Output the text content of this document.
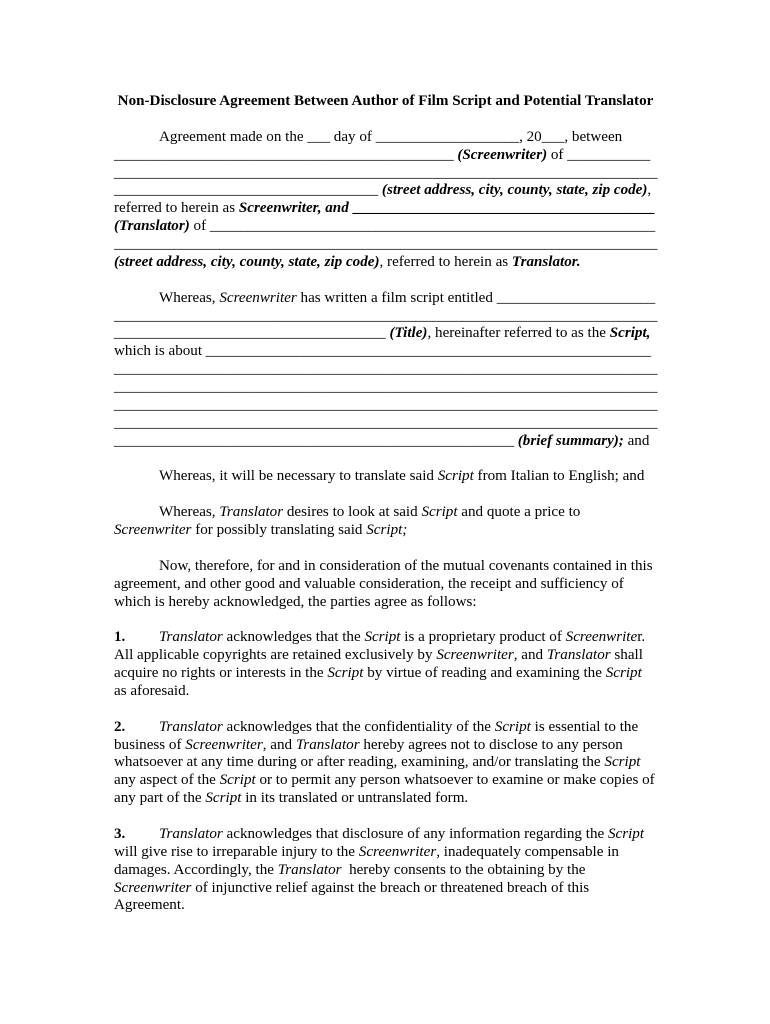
Non-Disclosure Agreement Between Author of Film Script and Potential Translator
Agreement made on the ___ day of ___________________, 20___, between
_____________________________________________ (Screenwriter) of ___________
________________________________________________________________________
___________________________________ (street address, city, county, state, zip code) ,
referred to herein as Screenwriter, and ________________________________________
(Translator) of ___________________________________________________________
________________________________________________________________________
(street address, city, county, state, zip code) , referred to herein as Translator.
Whereas, Screenwriter has written a film script entitled _____________________
________________________________________________________________________
____________________________________ (Title) , hereinafter referred to as the Script,
which is about ___________________________________________________________
________________________________________________________________________
________________________________________________________________________
________________________________________________________________________
________________________________________________________________________
_____________________________________________________ (brief summary); and
Whereas, it will be necessary to translate said Script from Italian to English; and
Whereas, Translator desires to look at said Script and quote a price to
Screenwriter for possibly translating said Script;
Now, therefore, for and in consideration of the mutual covenants contained in this
agreement, and other good and valuable consideration, the receipt and sufficiency of
which is hereby acknowledged, the parties agree as follows:
1.	Translator acknowledges that the Script is a proprietary product of Screenwrite r.
All applicable copyrights are retained exclusively by Screenwriter , and Translator shall
acquire no rights or interests in the Script by virtue of reading and examining the Script
as aforesaid.
2.	Translator acknowledges that the confidentiality of the Script is essential to the
business of Screenwriter , and Translator hereby agrees not to disclose to any person
whatsoever at any time during or after reading, examining, and/or translating the Script
any aspect of the Script or to permit any person whatsoever to examine or make copies of
any part of the Script in its translated or untranslated form.
3.	Translator acknowledges that disclosure of any information regarding the Script
will give rise to irreparable injury to the Screenwriter , inadequately compensable in
damages. Accordingly, the Translator hereby consents to the obtaining by the
Screenwriter of injunctive relief against the breach or threatened breach of this
Agreement.
